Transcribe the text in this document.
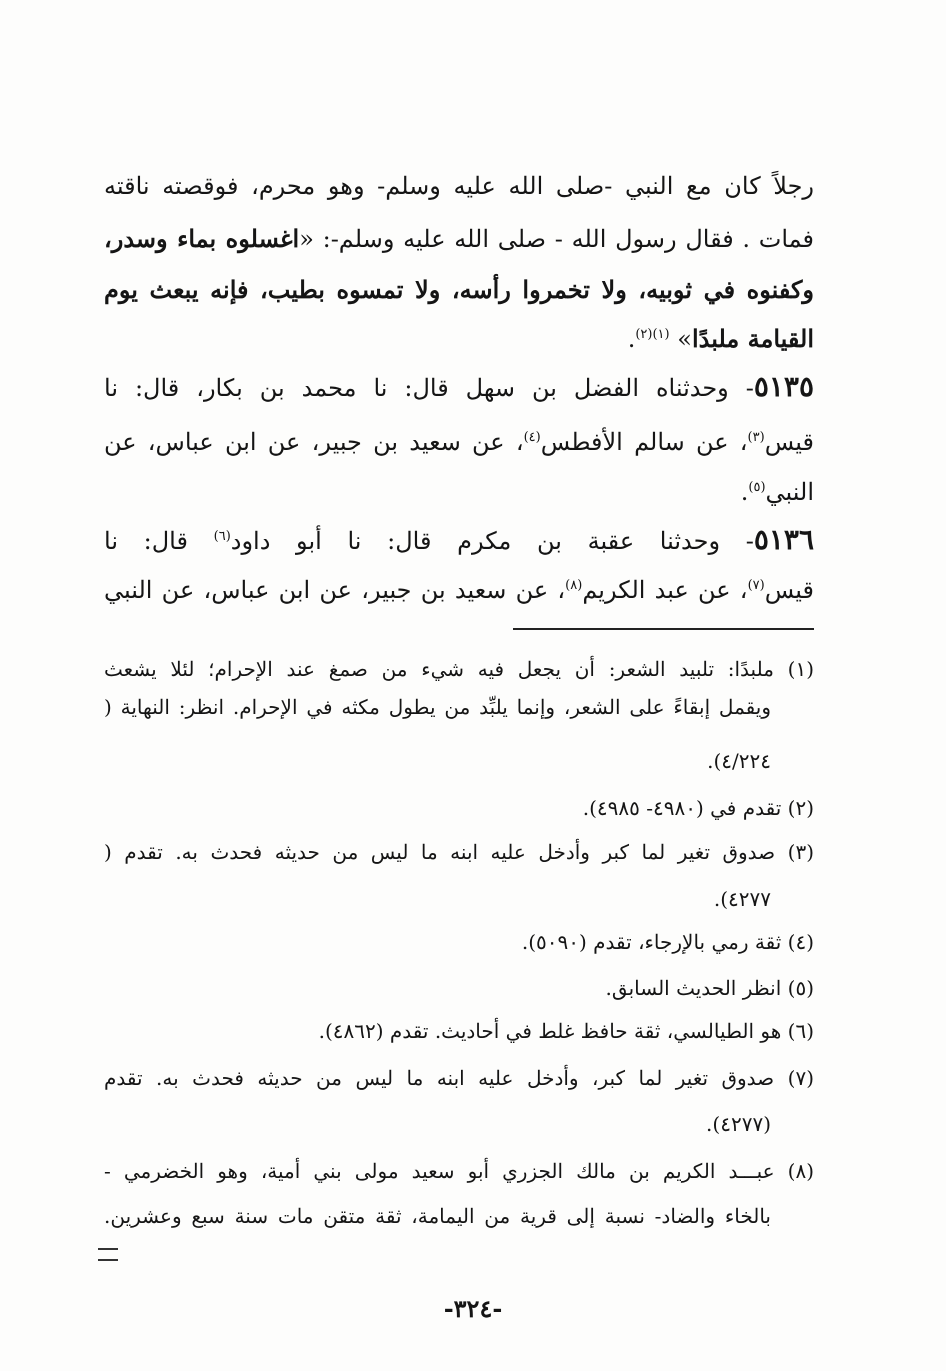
رجلاً كان مع النبي -صلى الله عليه وسلم- وهو محرم، فوقصته ناقته
فمات . فقال رسول الله - صلى الله عليه وسلم-: «اغسلوه بماء وسدر،
وكفنوه في ثوبيه، ولا تخمروا رأسه، ولا تمسوه بطيب، فإنه يبعث يوم
القيامة ملبدًا» $^{(١)(٢)}$.
٥١٣٥- وحدثناه الفضل بن سهل قال: نا محمد بن بكار، قال: نا
قيس$^{(٣)}$، عن سالم الأفطس$^{(٤)}$، عن سعيد بن جبير، عن ابن عباس، عن
النبي$^{(٥)}$.
٥١٣٦- وحدثنا عقبة بن مكرم قال: نا أبو داود$^{(٦)}$ قال: نا
قيس$^{(٧)}$، عن عبد الكريم$^{(٨)}$، عن سعيد بن جبير، عن ابن عباس، عن النبي
(١) ملبدًا: تلبيد الشعر: أن يجعل فيه شيء من صمغ عند الإحرام؛ لئلا يشعث
ويقمل إبقاءً على الشعر، وإنما يلبِّد من يطول مكثه في الإحرام. انظر: النهاية (
٤/٢٢٤).
(٢) تقدم في (٤٩٨٠- ٤٩٨٥).
(٣) صدوق تغير لما كبر وأدخل عليه ابنه ما ليس من حديثه فحدث به. تقدم (
٤٢٧٧).
(٤) ثقة رمي بالإرجاء، تقدم (٥٠٩٠).
(٥) انظر الحديث السابق.
(٦) هو الطيالسي، ثقة حافظ غلط في أحاديث. تقدم (٤٨٦٢).
(٧) صدوق تغير لما كبر، وأدخل عليه ابنه ما ليس من حديثه فحدث به. تقدم
(٤٢٧٧).
(٨) عبـــد الكريم بن مالك الجزري أبو سعيد مولى بني أمية، وهو الخضرمي -
بالخاء والضاد- نسبة إلى قرية من اليمامة، ثقة متقن مات سنة سبع وعشرين.
-٣٢٤-
